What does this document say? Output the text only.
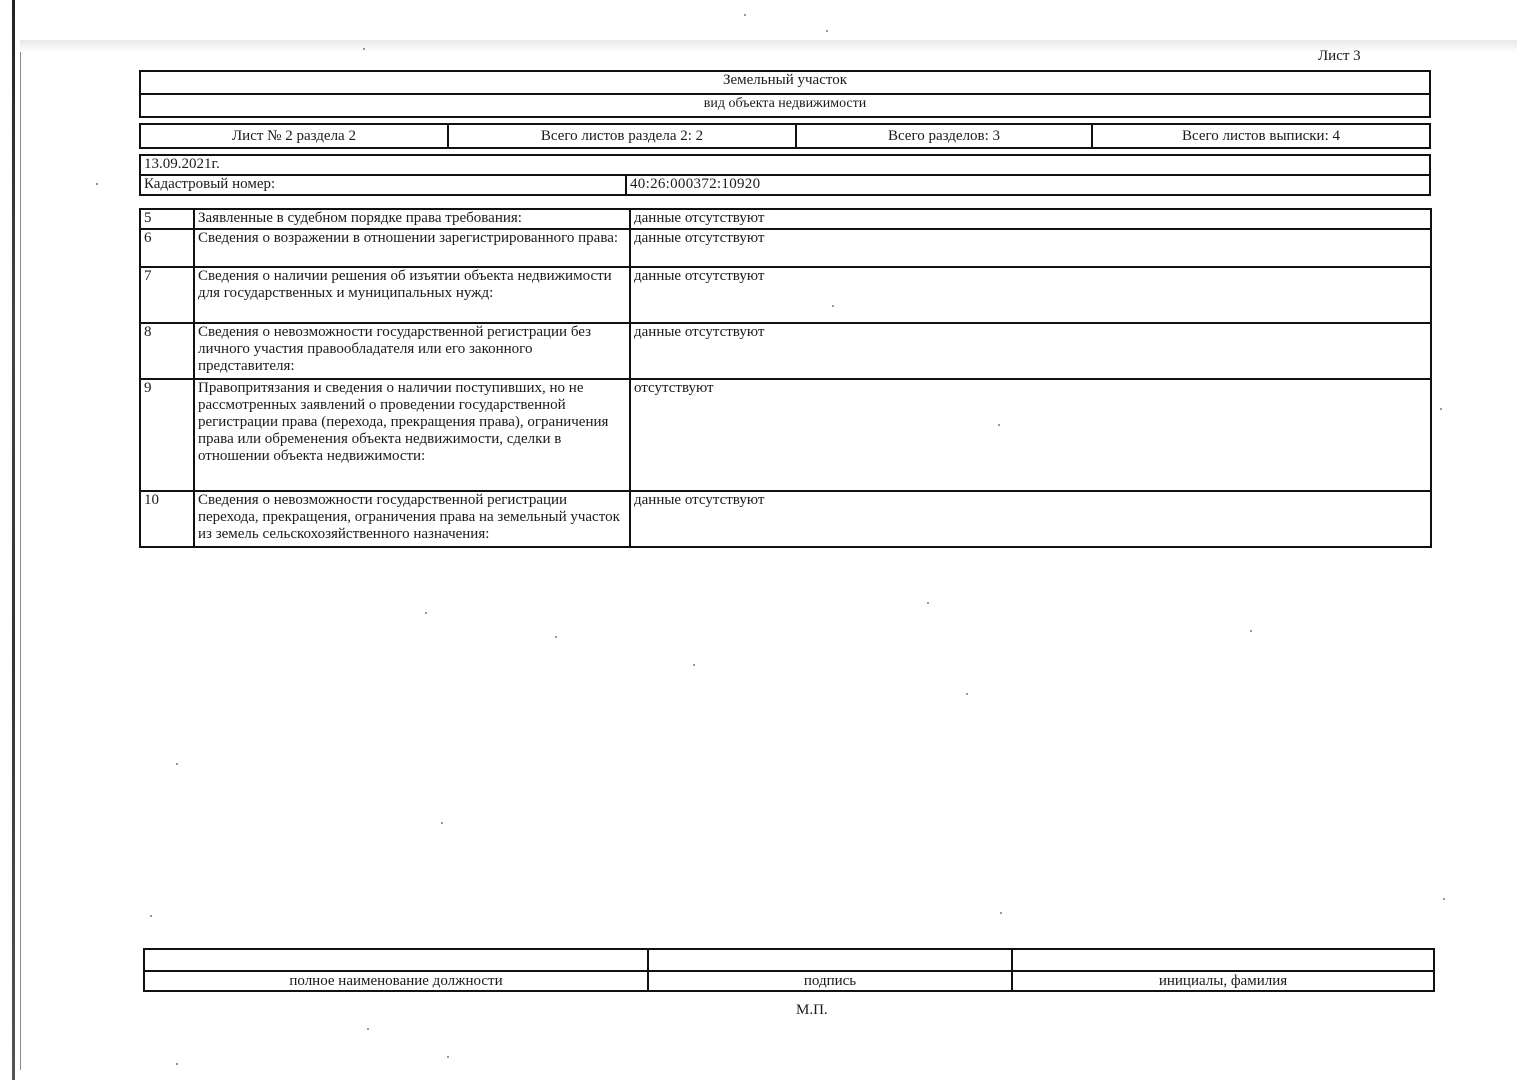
Лист 3
Земельный участок
вид объекта недвижимости
Лист № 2 раздела 2	Всего листов раздела 2: 2	Всего разделов: 3	Всего листов выписки: 4
13.09.2021г.
Кадастровый номер:	40:26:000372:10920
5	Заявленные в судебном порядке права требования:	данные отсутствуют
6	Сведения о возражении в отношении зарегистрированного права:	данные отсутствуют
7	Сведения о наличии решения об изъятии объекта недвижимости для государственных и муниципальных нужд:	данные отсутствуют
8	Сведения о невозможности государственной регистрации без личного участия правообладателя или его законного представителя:	данные отсутствуют
9	Правопритязания и сведения о наличии поступивших, но не рассмотренных заявлений о проведении государственной регистрации права (перехода, прекращения права), ограничения права или обременения объекта недвижимости, сделки в отношении объекта недвижимости:	отсутствуют
10	Сведения о невозможности государственной регистрации перехода, прекращения, ограничения права на земельный участок из земель сельскохозяйственного назначения:	данные отсутствуют

полное наименование должности	подпись	инициалы, фамилия
М.П.
